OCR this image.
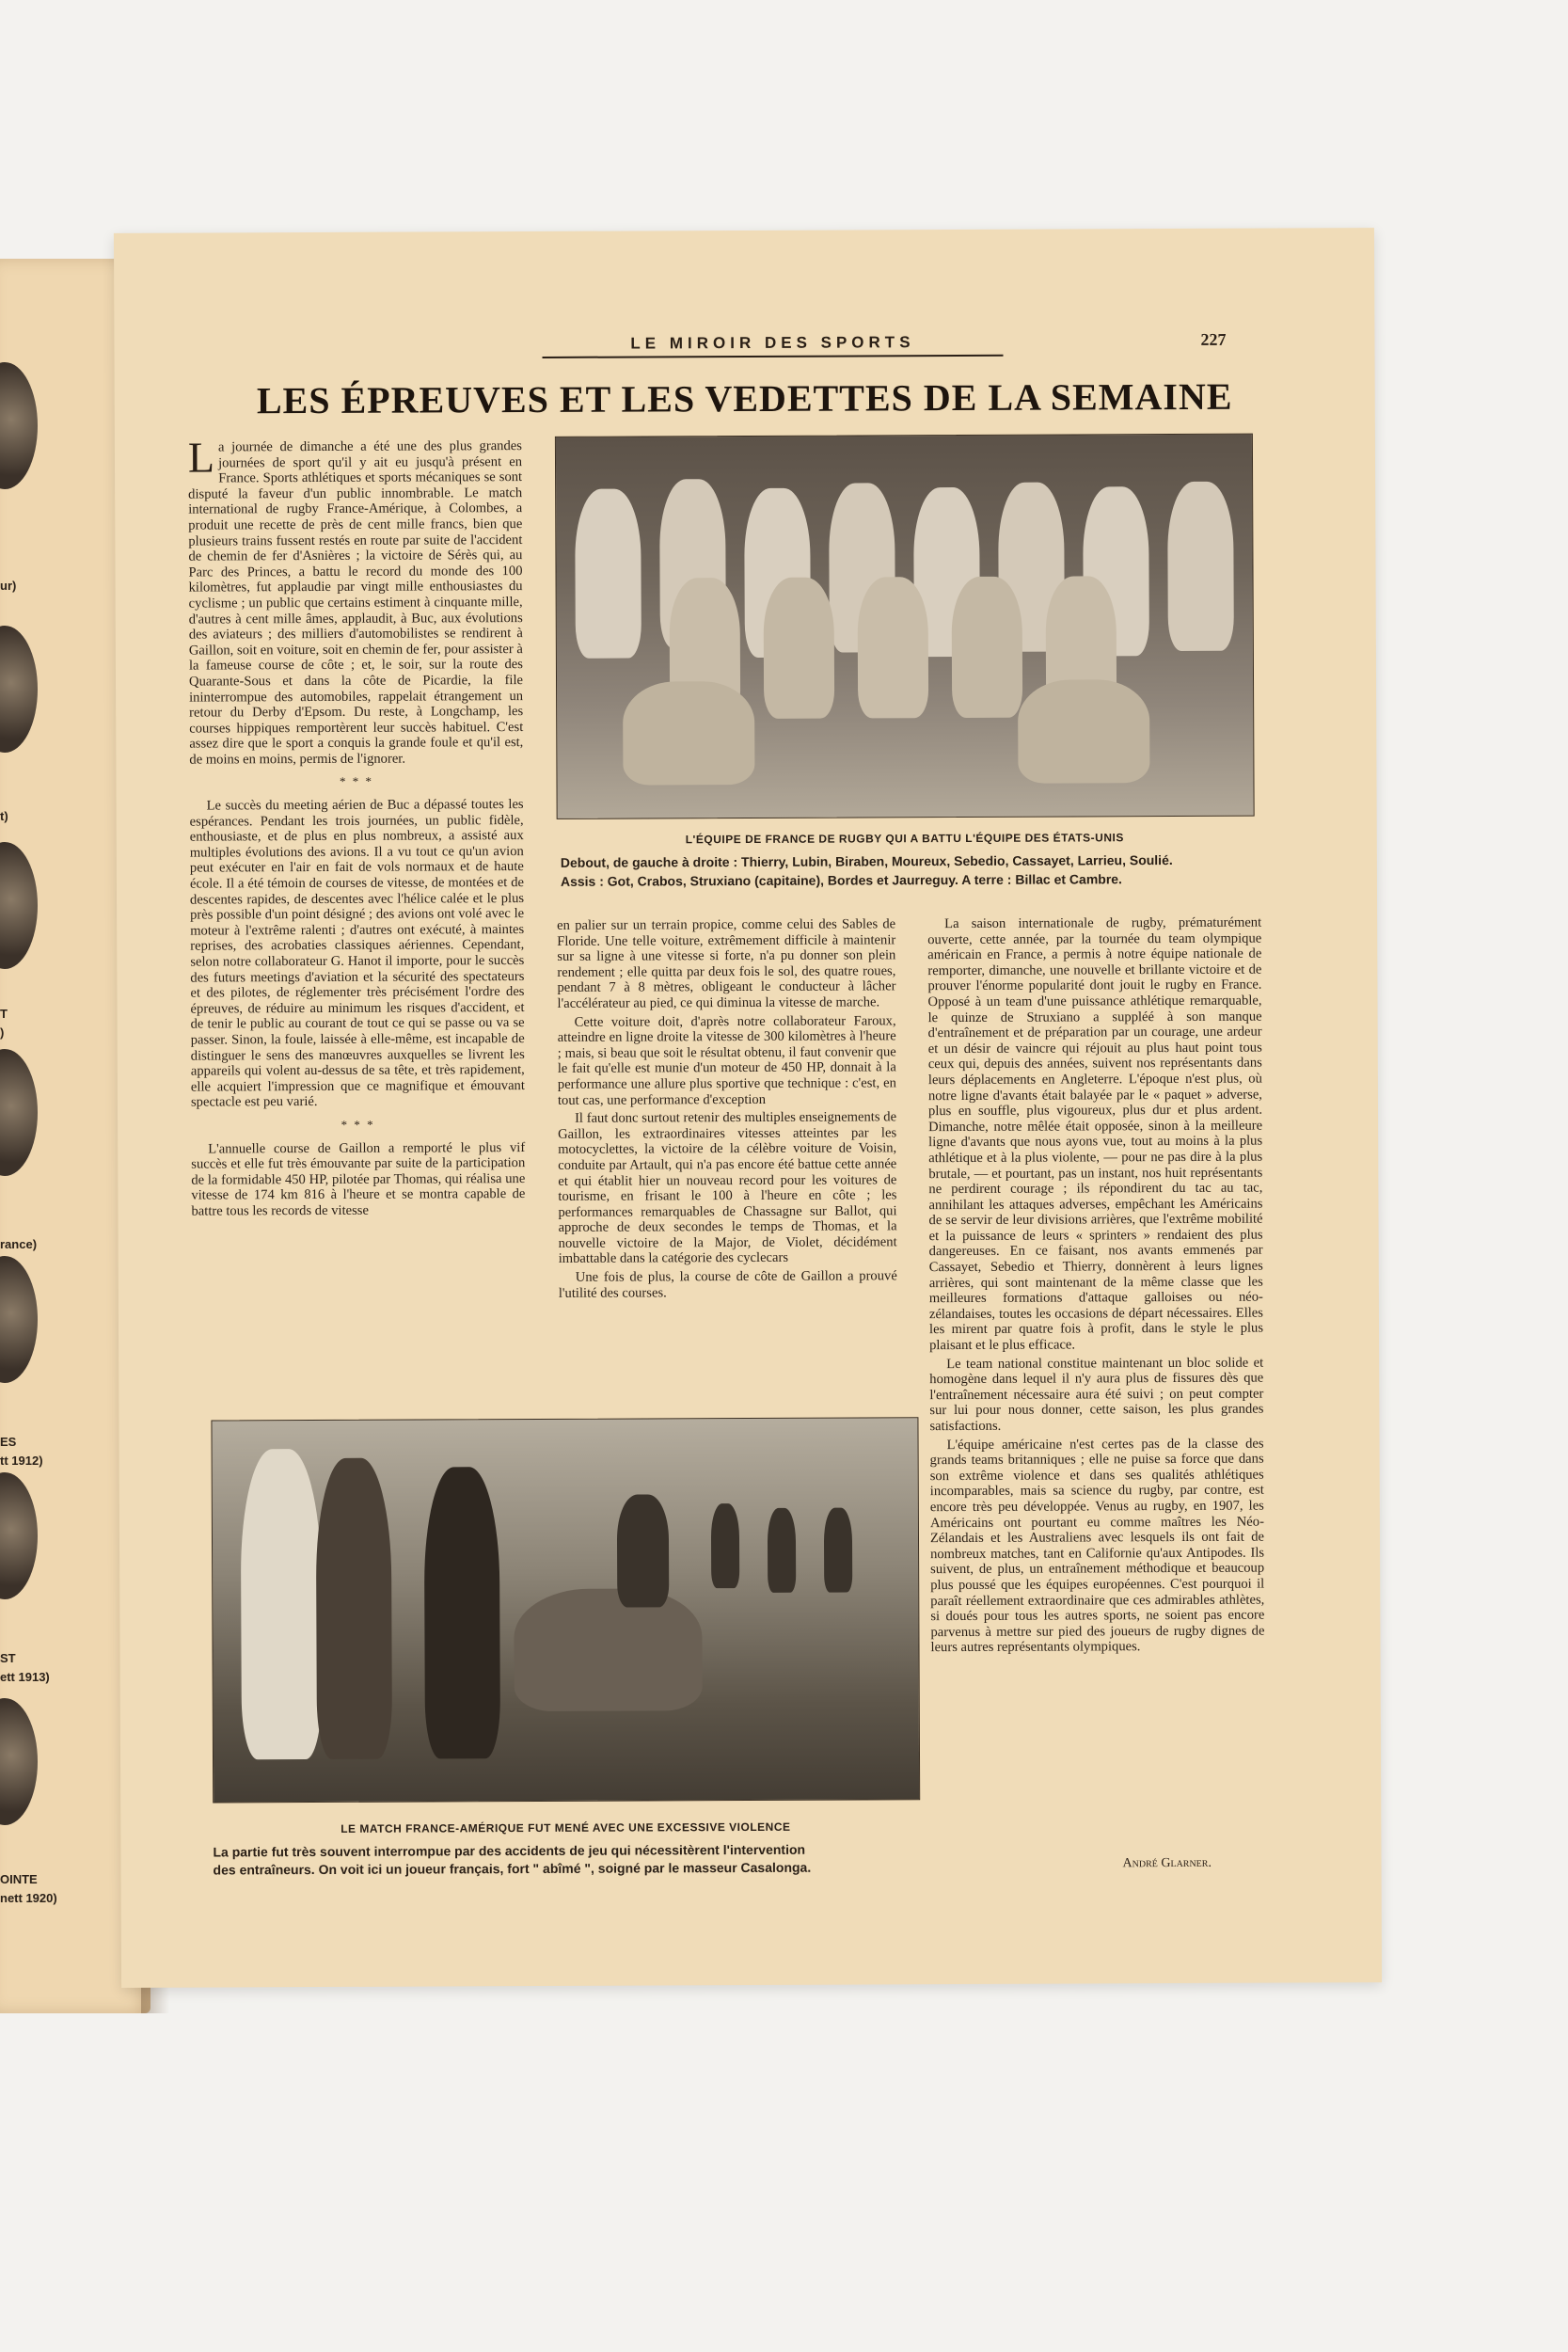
ur)
t)
T
)
rance)
ES
tt 1912)
ST
ett 1913)
OINTE
nett 1920)
LE MIROIR DES SPORTS	227
LES ÉPREUVES ET LES VEDETTES DE LA SEMAINE

La journée de dimanche a été une des plus grandes journées de sport qu'il y ait eu jusqu'à présent en France. Sports athlétiques et sports mécaniques se sont disputé la faveur d'un public innombrable. Le match international de rugby France-Amérique, à Colombes, a produit une recette de près de cent mille francs, bien que plusieurs trains fussent restés en route par suite de l'accident de chemin de fer d'Asnières ; la victoire de Sérès qui, au Parc des Princes, a battu le record du monde des 100 kilomètres, fut applaudie par vingt mille enthousiastes du cyclisme ; un public que certains estiment à cinquante mille, d'autres à cent mille âmes, applaudit, à Buc, aux évolutions des aviateurs ; des milliers d'automobilistes se rendirent à Gaillon, soit en voiture, soit en chemin de fer, pour assister à la fameuse course de côte ; et, le soir, sur la route des Quarante-Sous et dans la côte de Picardie, la file ininterrompue des automobiles, rappelait étrangement un retour du Derby d'Epsom. Du reste, à Longchamp, les courses hippiques remportèrent leur succès habituel. C'est assez dire que le sport a conquis la grande foule et qu'il est, de moins en moins, permis de l'ignorer.

* * *

Le succès du meeting aérien de Buc a dépassé toutes les espérances. Pendant les trois journées, un public fidèle, enthousiaste, et de plus en plus nombreux, a assisté aux multiples évolutions des avions. Il a vu tout ce qu'un avion peut exécuter en l'air en fait de vols normaux et de haute école. Il a été témoin de courses de vitesse, de montées et de descentes rapides, de descentes avec l'hélice calée et le plus près possible d'un point désigné ; des avions ont volé avec le moteur à l'extrême ralenti ; d'autres ont exécuté, à maintes reprises, des acrobaties classiques aériennes. Cependant, selon notre collaborateur G. Hanot il importe, pour le succès des futurs meetings d'aviation et la sécurité des spectateurs et des pilotes, de réglementer très précisément l'ordre des épreuves, de réduire au minimum les risques d'accident, et de tenir le public au courant de tout ce qui se passe ou va se passer. Sinon, la foule, laissée à elle-même, est incapable de distinguer le sens des manœuvres auxquelles se livrent les appareils qui volent au-dessus de sa tête, et très rapidement, elle acquiert l'impression que ce magnifique et émouvant spectacle est peu varié.

* * *

L'annuelle course de Gaillon a remporté le plus vif succès et elle fut très émouvante par suite de la participation de la formidable 450 HP, pilotée par Thomas, qui réalisa une vitesse de 174 km 816 à l'heure et se montra capable de battre tous les records de vitesse

L'ÉQUIPE DE FRANCE DE RUGBY QUI A BATTU L'ÉQUIPE DES ÉTATS-UNIS
Debout, de gauche à droite : Thierry, Lubin, Biraben, Moureux, Sebedio, Cassayet, Larrieu, Soulié.
Assis : Got, Crabos, Struxiano (capitaine), Bordes et Jaurreguy. A terre : Billac et Cambre.

en palier sur un terrain propice, comme celui des Sables de Floride. Une telle voiture, extrêmement difficile à maintenir sur sa ligne à une vitesse si forte, n'a pu donner son plein rendement ; elle quitta par deux fois le sol, des quatre roues, pendant 7 à 8 mètres, obligeant le conducteur à lâcher l'accélérateur au pied, ce qui diminua la vitesse de marche.

Cette voiture doit, d'après notre collaborateur Faroux, atteindre en ligne droite la vitesse de 300 kilomètres à l'heure ; mais, si beau que soit le résultat obtenu, il faut convenir que le fait qu'elle est munie d'un moteur de 450 HP, donnait à la performance une allure plus sportive que technique : c'est, en tout cas, une performance d'exception

Il faut donc surtout retenir des multiples enseignements de Gaillon, les extraordinaires vitesses atteintes par les motocyclettes, la victoire de la célèbre voiture de Voisin, conduite par Artault, qui n'a pas encore été battue cette année et qui établit hier un nouveau record pour les voitures de tourisme, en frisant le 100 à l'heure en côte ; les performances remarquables de Chassagne sur Ballot, qui approche de deux secondes le temps de Thomas, et la nouvelle victoire de la Major, de Violet, décidément imbattable dans la catégorie des cyclecars

Une fois de plus, la course de côte de Gaillon a prouvé l'utilité des courses.

La saison internationale de rugby, prématurément ouverte, cette année, par la tournée du team olympique américain en France, a permis à notre équipe nationale de remporter, dimanche, une nouvelle et brillante victoire et de prouver l'énorme popularité dont jouit le rugby en France. Opposé à un team d'une puissance athlétique remarquable, le quinze de Struxiano a suppléé à son manque d'entraînement et de préparation par un courage, une ardeur et un désir de vaincre qui réjouit au plus haut point tous ceux qui, depuis des années, suivent nos représentants dans leurs déplacements en Angleterre. L'époque n'est plus, où notre ligne d'avants était balayée par le « paquet » adverse, plus en souffle, plus vigoureux, plus dur et plus ardent. Dimanche, notre mêlée était opposée, sinon à la meilleure ligne d'avants que nous ayons vue, tout au moins à la plus athlétique et à la plus violente, — pour ne pas dire à la plus brutale, — et pourtant, pas un instant, nos huit représentants ne perdirent courage ; ils répondirent du tac au tac, annihilant les attaques adverses, empêchant les Américains de se servir de leur divisions arrières, que l'extrême mobilité et la puissance de leurs « sprinters » rendaient des plus dangereuses. En ce faisant, nos avants emmenés par Cassayet, Sebedio et Thierry, donnèrent à leurs lignes arrières, qui sont maintenant de la même classe que les meilleures formations d'attaque galloises ou néo-zélandaises, toutes les occasions de départ nécessaires. Elles les mirent par quatre fois à profit, dans le style le plus plaisant et le plus efficace.

Le team national constitue maintenant un bloc solide et homogène dans lequel il n'y aura plus de fissures dès que l'entraînement nécessaire aura été suivi ; on peut compter sur lui pour nous donner, cette saison, les plus grandes satisfactions.

L'équipe américaine n'est certes pas de la classe des grands teams britanniques ; elle ne puise sa force que dans son extrême violence et dans ses qualités athlétiques incomparables, mais sa science du rugby, par contre, est encore très peu développée. Venus au rugby, en 1907, les Américains ont pourtant eu comme maîtres les Néo-Zélandais et les Australiens avec lesquels ils ont fait de nombreux matches, tant en Californie qu'aux Antipodes. Ils suivent, de plus, un entraînement méthodique et beaucoup plus poussé que les équipes européennes. C'est pourquoi il paraît réellement extraordinaire que ces admirables athlètes, si doués pour tous les autres sports, ne soient pas encore parvenus à mettre sur pied des joueurs de rugby dignes de leurs autres représentants olympiques.

André Glarner.
LE MATCH FRANCE-AMÉRIQUE FUT MENÉ AVEC UNE EXCESSIVE VIOLENCE
La partie fut très souvent interrompue par des accidents de jeu qui nécessitèrent l'intervention
des entraîneurs. On voit ici un joueur français, fort " abîmé ", soigné par le masseur Casalonga.
